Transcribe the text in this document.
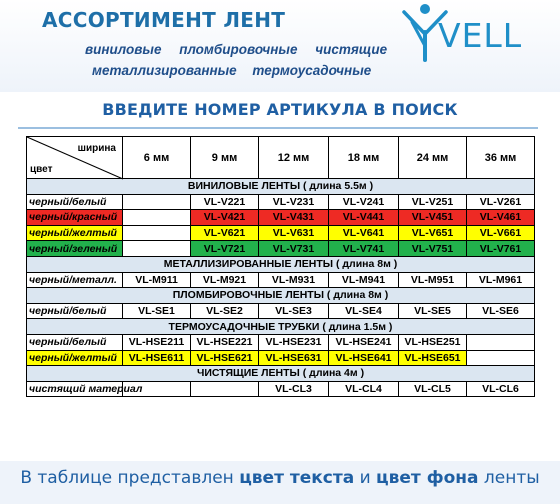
АССОРТИМЕНТ ЛЕНТ
виниловые пломбировочные чистящие
металлизированные термоусадочные
VELL
ВВЕДИТЕ НОМЕР АРТИКУЛА В ПОИСК
ширина
цвет	6 мм	9 мм	12 мм	18 мм	24 мм	36 мм
ВИНИЛОВЫЕ ЛЕНТЫ ( длина 5.5м )						
черный/белый		VL-V221	VL-V231	VL-V241	VL-V251	VL-V261
черный/красный		VL-V421	VL-V431	VL-V441	VL-V451	VL-V461
черный/желтый		VL-V621	VL-V631	VL-V641	VL-V651	VL-V661
черный/зеленый		VL-V721	VL-V731	VL-V741	VL-V751	VL-V761
МЕТАЛЛИЗИРОВАННЫЕ ЛЕНТЫ ( длина 8м )						
черный/металл.	VL-M911	VL-M921	VL-M931	VL-M941	VL-M951	VL-M961
ПЛОМБИРОВОЧНЫЕ ЛЕНТЫ ( длина 8м )						
черный/белый	VL-SE1	VL-SE2	VL-SE3	VL-SE4	VL-SE5	VL-SE6
ТЕРМОУСАДОЧНЫЕ ТРУБКИ ( длина 1.5м )						
черный/белый	VL-HSE211	VL-HSE221	VL-HSE231	VL-HSE241	VL-HSE251	
черный/желтый	VL-HSE611	VL-HSE621	VL-HSE631	VL-HSE641	VL-HSE651	
ЧИСТЯЩИЕ ЛЕНТЫ ( длина 4м )						
чистящий материал			VL-CL3	VL-CL4	VL-CL5	VL-CL6
В таблице представлен цвет текста и цвет фона ленты
